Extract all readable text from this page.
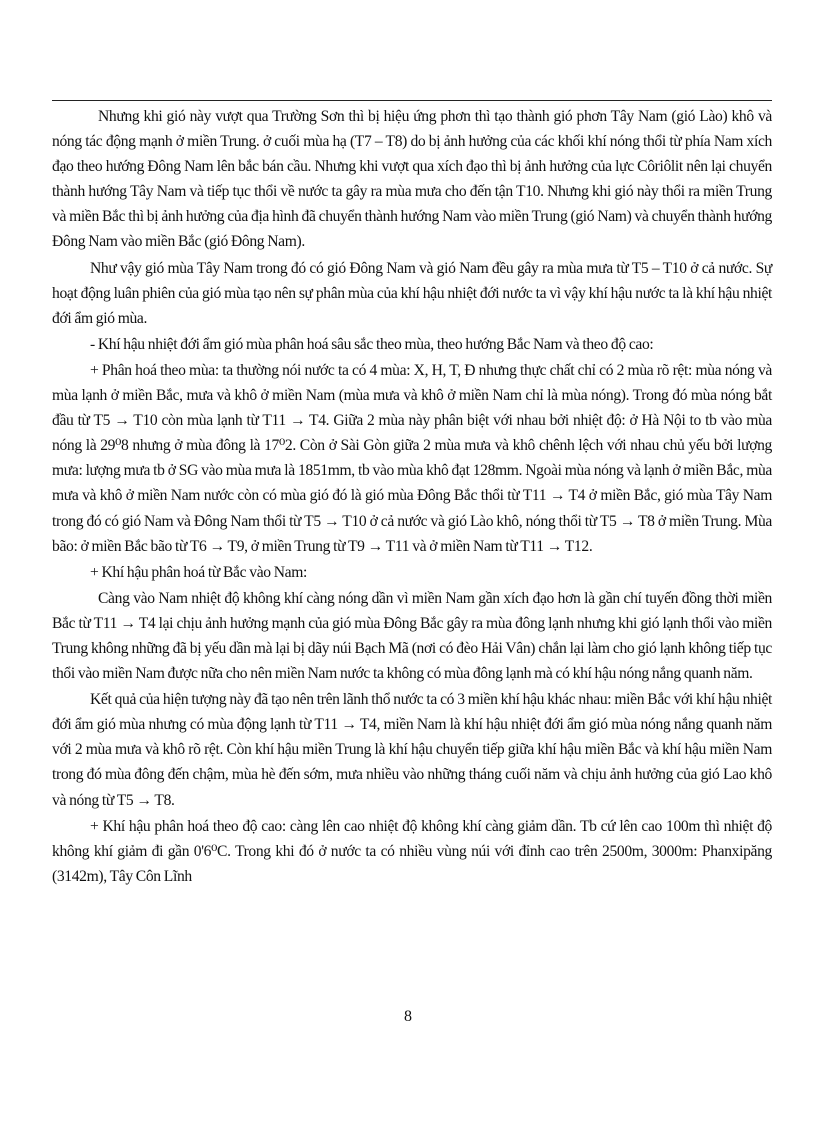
Nhưng khi gió này vượt qua Trường Sơn thì bị hiệu ứng phơn thì tạo thành gió phơn Tây Nam (gió Lào) khô và nóng tác động mạnh ở miền Trung. ở cuối mùa hạ (T7 – T8) do bị ảnh hưởng của các khối khí nóng thổi từ phía Nam xích đạo theo hướng Đông Nam lên bắc bán cầu. Nhưng khi vượt qua xích đạo thì bị ảnh hưởng của lực Côriôlit nên lại chuyển thành hướng Tây Nam và tiếp tục thổi về nước ta gây ra mùa mưa cho đến tận T10. Nhưng khi gió này thổi ra miền Trung và miền Bắc thì bị ảnh hưởng của địa hình đã chuyển thành hướng Nam vào miền Trung (gió Nam) và chuyển thành hướng Đông Nam vào miền Bắc (gió Đông Nam).

Như vậy gió mùa Tây Nam trong đó có gió Đông Nam và gió Nam đều gây ra mùa mưa từ T5 – T10 ở cả nước. Sự hoạt động luân phiên của gió mùa tạo nên sự phân mùa của khí hậu nhiệt đới nước ta vì vậy khí hậu nước ta là khí hậu nhiệt đới ẩm gió mùa.

- Khí hậu nhiệt đới ẩm gió mùa phân hoá sâu sắc theo mùa, theo hướng Bắc Nam và theo độ cao:

+ Phân hoá theo mùa: ta thường nói nước ta có 4 mùa: X, H, T, Đ nhưng thực chất chỉ có 2 mùa rõ rệt: mùa nóng và mùa lạnh ở miền Bắc, mưa và khô ở miền Nam (mùa mưa và khô ở miền Nam chỉ là mùa nóng). Trong đó mùa nóng bắt đầu từ T5 → T10 còn mùa lạnh từ T11 → T4. Giữa 2 mùa này phân biệt với nhau bởi nhiệt độ: ở Hà Nội to tb vào mùa nóng là 29⁰8 nhưng ở mùa đông là 17⁰2. Còn ở Sài Gòn giữa 2 mùa mưa và khô chênh lệch với nhau chủ yếu bởi lượng mưa: lượng mưa tb ở SG vào mùa mưa là 1851mm, tb vào mùa khô đạt 128mm. Ngoài mùa nóng và lạnh ở miền Bắc, mùa mưa và khô ở miền Nam nước còn có mùa gió đó là gió mùa Đông Bắc thổi từ T11 → T4 ở miền Bắc, gió mùa Tây Nam trong đó có gió Nam và Đông Nam thổi từ T5 → T10 ở cả nước và gió Lào khô, nóng thổi từ T5 → T8 ở miền Trung. Mùa bão: ở miền Bắc bão từ T6 → T9, ở miền Trung từ T9 → T11 và ở miền Nam từ T11 → T12.

+ Khí hậu phân hoá từ Bắc vào Nam:

Càng vào Nam nhiệt độ không khí càng nóng dần vì miền Nam gần xích đạo hơn là gần chí tuyến đồng thời miền Bắc từ T11 → T4 lại chịu ảnh hưởng mạnh của gió mùa Đông Bắc gây ra mùa đông lạnh nhưng khi gió lạnh thổi vào miền Trung không những đã bị yếu dần mà lại bị dãy núi Bạch Mã (nơi có đèo Hải Vân) chắn lại làm cho gió lạnh không tiếp tục thổi vào miền Nam được nữa cho nên miền Nam nước ta không có mùa đông lạnh mà có khí hậu nóng nắng quanh năm.

Kết quả của hiện tượng này đã tạo nên trên lãnh thổ nước ta có 3 miền khí hậu khác nhau: miền Bắc với khí hậu nhiệt đới ẩm gió mùa nhưng có mùa động lạnh từ T11 → T4, miền Nam là khí hậu nhiệt đới ẩm gió mùa nóng nắng quanh năm với 2 mùa mưa và khô rõ rệt. Còn khí hậu miền Trung là khí hậu chuyển tiếp giữa khí hậu miền Bắc và khí hậu miền Nam trong đó mùa đông đến chậm, mùa hè đến sớm, mưa nhiều vào những tháng cuối năm và chịu ảnh hưởng của gió Lao khô và nóng từ T5 → T8.

+ Khí hậu phân hoá theo độ cao: càng lên cao nhiệt độ không khí càng giảm dần. Tb cứ lên cao 100m thì nhiệt độ không khí giảm đi gần 0'6⁰C. Trong khi đó ở nước ta có nhiều vùng núi với đỉnh cao trên 2500m, 3000m: Phanxipăng (3142m), Tây Côn Lĩnh

8
